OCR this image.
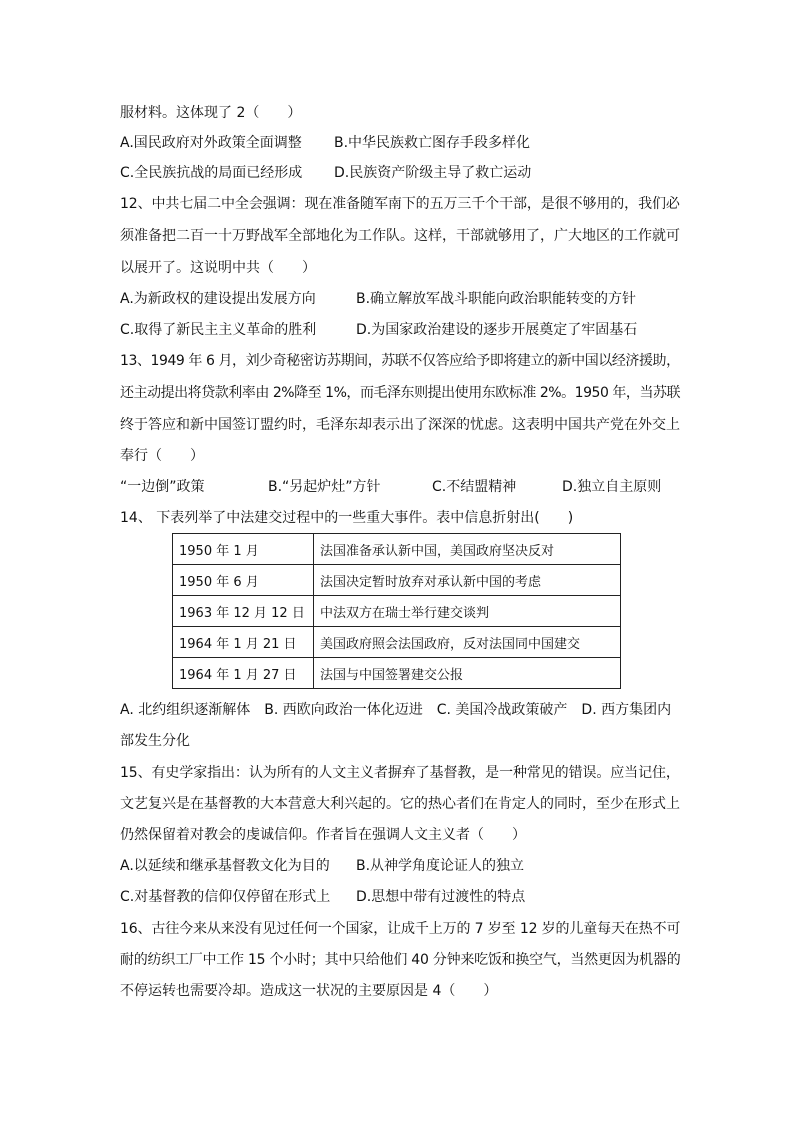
服材料。这体现了 2（　　）
A.国民政府对外政策全面调整 B.中华民族救亡图存手段多样化
C.全民族抗战的局面已经形成 D.民族资产阶级主导了救亡运动
12、中共七届二中全会强调：现在准备随军南下的五万三千个干部，是很不够用的，我们必
须准备把二百一十万野战军全部地化为工作队。这样，干部就够用了，广大地区的工作就可
以展开了。这说明中共（　　）
A.为新政权的建设提出发展方向	B.确立解放军战斗职能向政治职能转变的方针
C.取得了新民主主义革命的胜利	D.为国家政治建设的逐步开展奠定了牢固基石
13、1949 年 6 月，刘少奇秘密访苏期间，苏联不仅答应给予即将建立的新中国以经济援助，
还主动提出将贷款利率由 2%降至 1%，而毛泽东则提出使用东欧标准 2%。1950 年，当苏联
终于答应和新中国签订盟约时，毛泽东却表示出了深深的忧虑。这表明中国共产党在外交上
奉行（　　）
“一边倒”政策	B.“另起炉灶”方针	C.不结盟精神	D.独立自主原则
14、 下表列举了中法建交过程中的一些重大事件。表中信息折射出(　　)
1950 年 1 月	法国准备承认新中国，美国政府坚决反对
1950 年 6 月	法国决定暂时放弃对承认新中国的考虑
1963 年 12 月 12 日	中法双方在瑞士举行建交谈判
1964 年 1 月 21 日	美国政府照会法国政府，反对法国同中国建交
1964 年 1 月 27 日	法国与中国签署建交公报
A. 北约组织逐渐解体　B. 西欧向政治一体化迈进　C. 美国冷战政策破产　D. 西方集团内
部发生分化
15、有史学家指出：认为所有的人文主义者摒弃了基督教，是一种常见的错误。应当记住，
文艺复兴是在基督教的大本营意大利兴起的。它的热心者们在肯定人的同时，至少在形式上
仍然保留着对教会的虔诚信仰。作者旨在强调人文主义者（　　）
A.以延续和继承基督教文化为目的 B.从神学角度论证人的独立
C.对基督教的信仰仅停留在形式上 D.思想中带有过渡性的特点
16、古往今来从来没有见过任何一个国家，让成千上万的 7 岁至 12 岁的儿童每天在热不可
耐的纺织工厂中工作 15 个小时；其中只给他们 40 分钟来吃饭和换空气，当然更因为机器的
不停运转也需要冷却。造成这一状况的主要原因是 4（　　）
